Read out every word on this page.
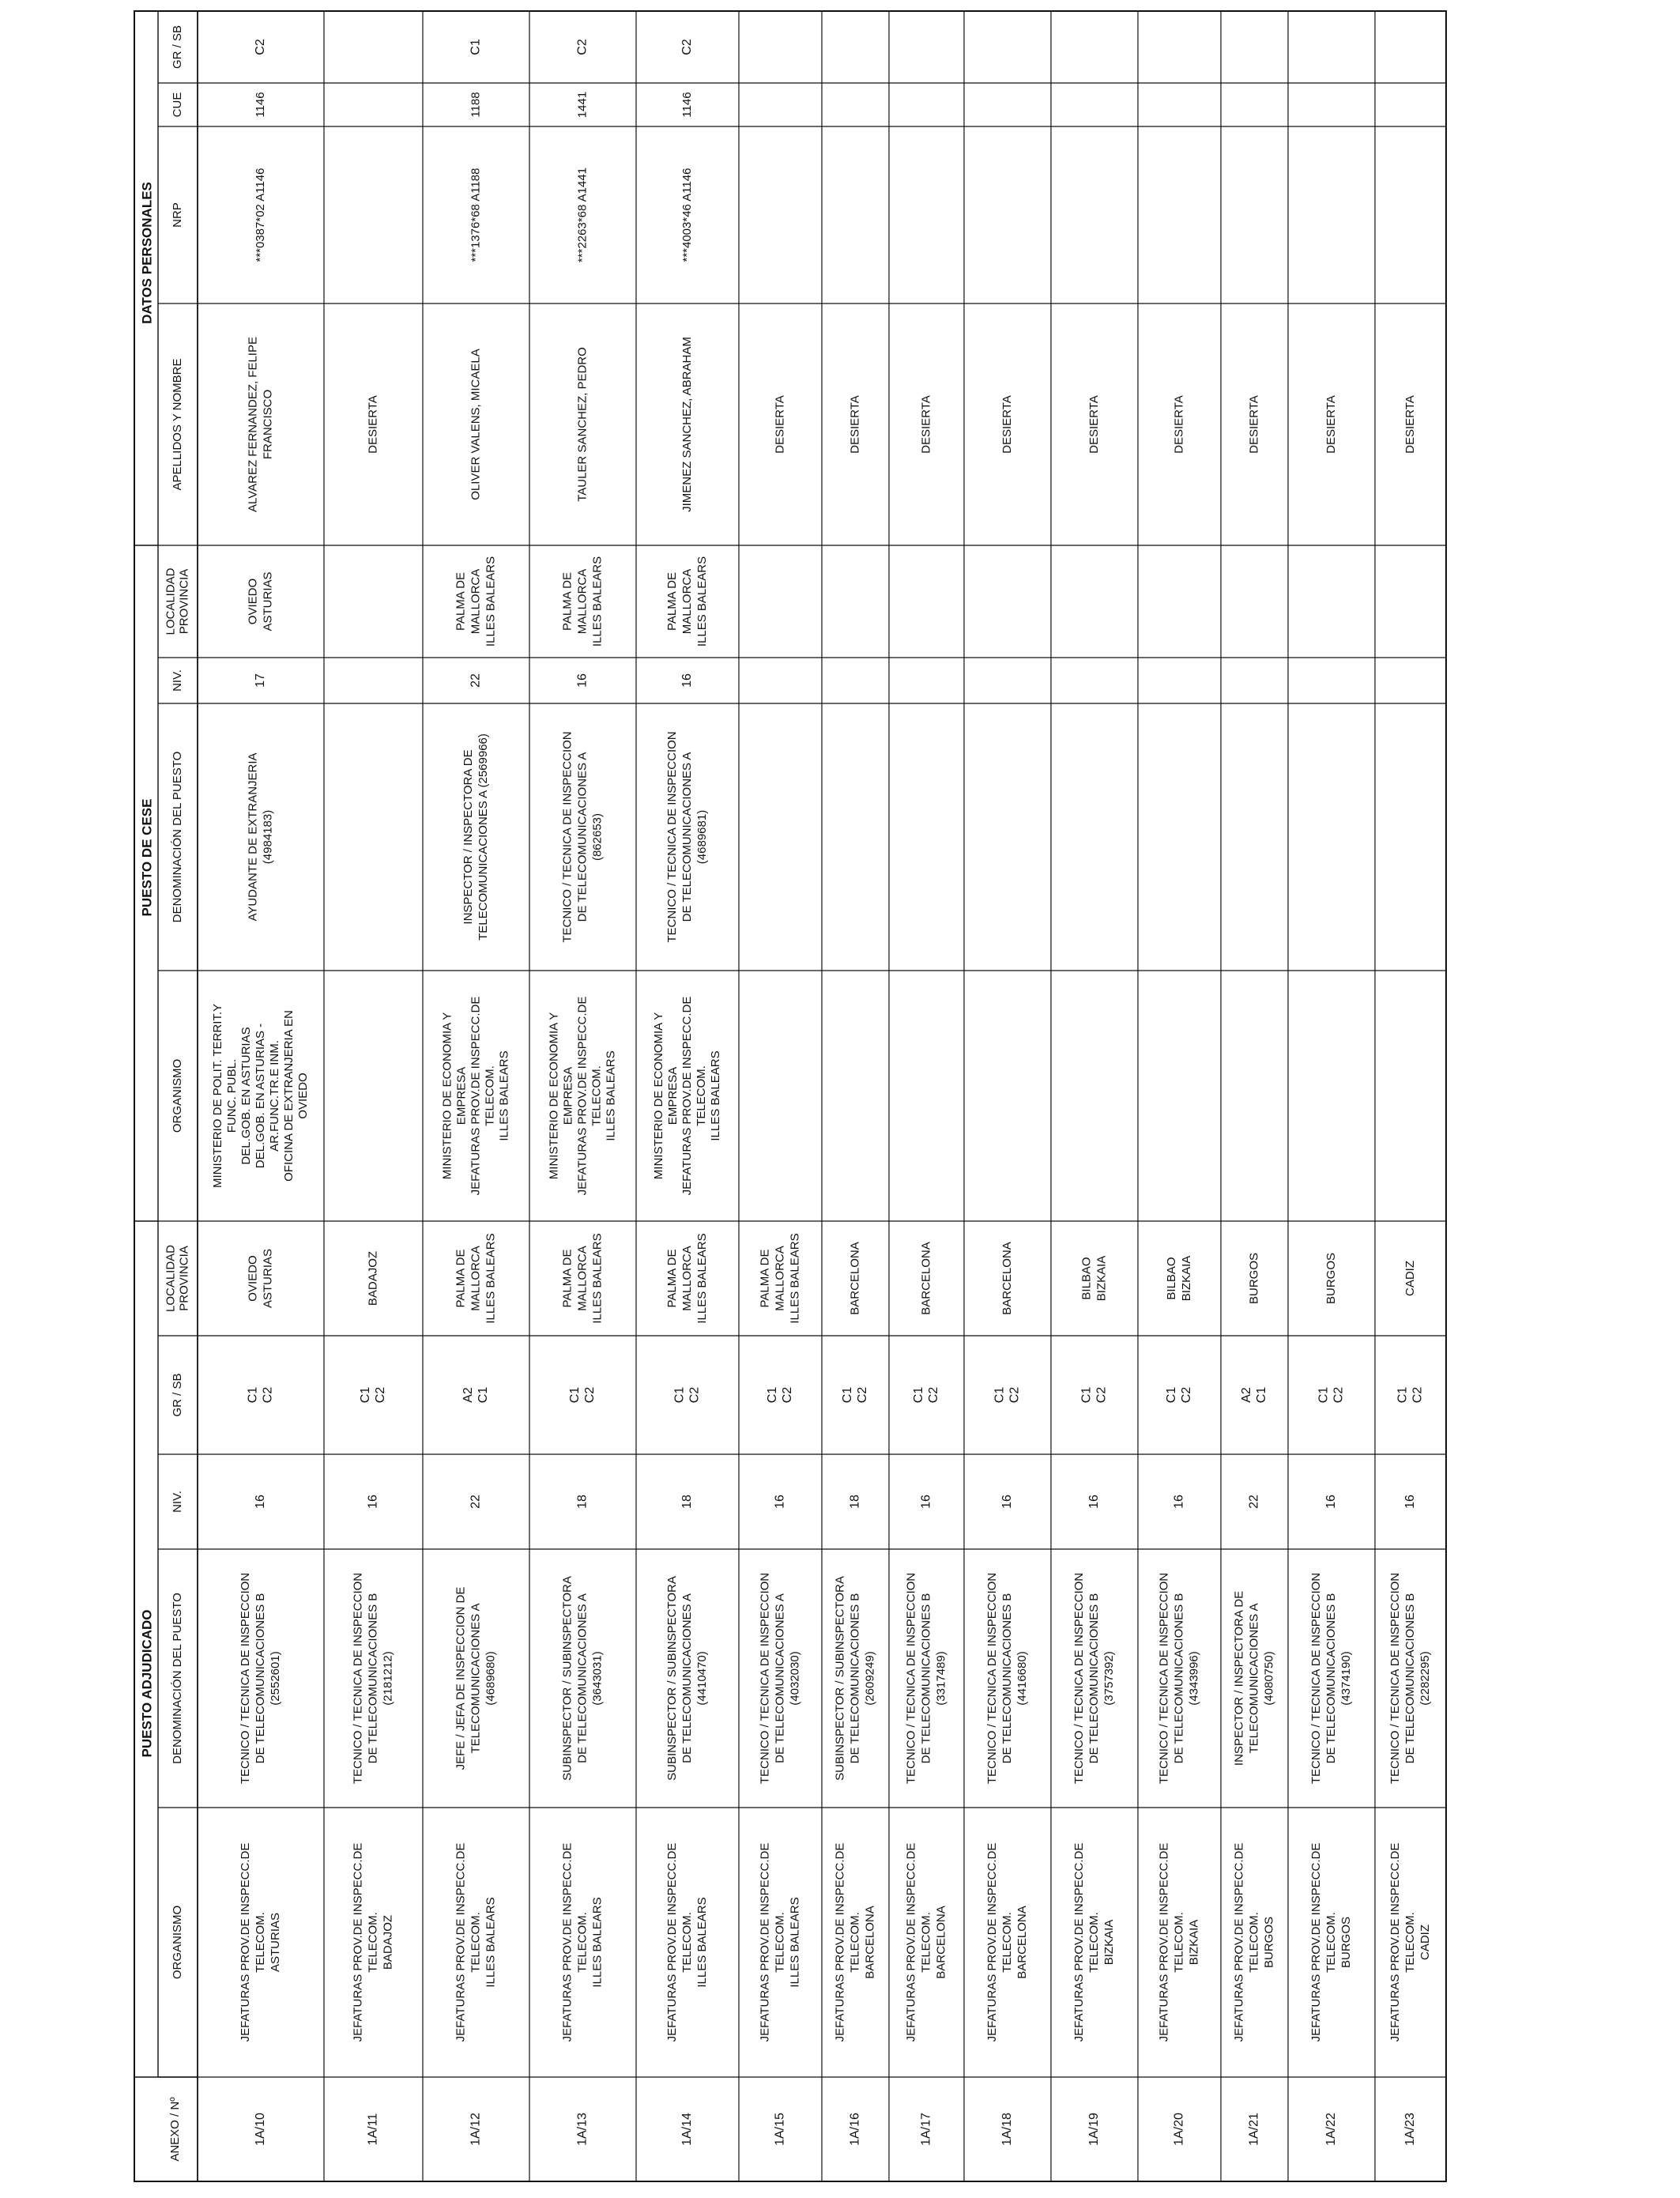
PUESTO ADJUDICADO
PUESTO DE CESE
DATOS PERSONALES
ANEXO / Nº
ORGANISMO
DENOMINACIÓN DEL PUESTO
NIV.
GR / SB
LOCALIDAD PROVINCIA
ORGANISMO
DENOMINACIÓN DEL PUESTO
NIV.
LOCALIDAD PROVINCIA
APELLIDOS Y NOMBRE
NRP
CUE
GR / SB
1A/10
JEFATURAS PROV.DE INSPECC.DE TELECOM. ASTURIAS
TECNICO / TECNICA DE INSPECCION DE TELECOMUNICACIONES B (2552601)
16
C1 C2
OVIEDO ASTURIAS
MINISTERIO DE POLIT. TERRIT.Y FUNC. PUBL. DEL.GOB. EN ASTURIAS DEL.GOB. EN ASTURIAS - AR.FUNC.TR.E INM. OFICINA DE EXTRANJERIA EN OVIEDO
AYUDANTE DE EXTRANJERIA (4984183)
17
OVIEDO ASTURIAS
ALVAREZ FERNANDEZ, FELIPE FRANCISCO
***0387*02 A1146
1146
C2
1A/11
JEFATURAS PROV.DE INSPECC.DE TELECOM. BADAJOZ
TECNICO / TECNICA DE INSPECCION DE TELECOMUNICACIONES B (2181212)
16
C1 C2
BADAJOZ
DESIERTA
1A/12
JEFATURAS PROV.DE INSPECC.DE TELECOM. ILLES BALEARS
JEFE / JEFA DE INSPECCION DE TELECOMUNICACIONES A (4689680)
22
A2 C1
PALMA DE MALLORCA ILLES BALEARS
MINISTERIO DE ECONOMIA Y EMPRESA JEFATURAS PROV.DE INSPECC.DE TELECOM. ILLES BALEARS
INSPECTOR / INSPECTORA DE TELECOMUNICACIONES A (2569966)
22
PALMA DE MALLORCA ILLES BALEARS
OLIVER VALENS, MICAELA
***1376*68 A1188
1188
C1
1A/13
JEFATURAS PROV.DE INSPECC.DE TELECOM. ILLES BALEARS
SUBINSPECTOR / SUBINSPECTORA DE TELECOMUNICACIONES A (3643031)
18
C1 C2
PALMA DE MALLORCA ILLES BALEARS
MINISTERIO DE ECONOMIA Y EMPRESA JEFATURAS PROV.DE INSPECC.DE TELECOM. ILLES BALEARS
TECNICO / TECNICA DE INSPECCION DE TELECOMUNICACIONES A (862653)
16
PALMA DE MALLORCA ILLES BALEARS
TAULER SANCHEZ, PEDRO
***2263*68 A1441
1441
C2
1A/14
JEFATURAS PROV.DE INSPECC.DE TELECOM. ILLES BALEARS
SUBINSPECTOR / SUBINSPECTORA DE TELECOMUNICACIONES A (4410470)
18
C1 C2
PALMA DE MALLORCA ILLES BALEARS
MINISTERIO DE ECONOMIA Y EMPRESA JEFATURAS PROV.DE INSPECC.DE TELECOM. ILLES BALEARS
TECNICO / TECNICA DE INSPECCION DE TELECOMUNICACIONES A (4689681)
16
PALMA DE MALLORCA ILLES BALEARS
JIMENEZ SANCHEZ, ABRAHAM
***4003*46 A1146
1146
C2
1A/15
JEFATURAS PROV.DE INSPECC.DE TELECOM. ILLES BALEARS
TECNICO / TECNICA DE INSPECCION DE TELECOMUNICACIONES A (4032030)
16
C1 C2
PALMA DE MALLORCA ILLES BALEARS
DESIERTA
1A/16
JEFATURAS PROV.DE INSPECC.DE TELECOM. BARCELONA
SUBINSPECTOR / SUBINSPECTORA DE TELECOMUNICACIONES B (2609249)
18
C1 C2
BARCELONA
DESIERTA
1A/17
JEFATURAS PROV.DE INSPECC.DE TELECOM. BARCELONA
TECNICO / TECNICA DE INSPECCION DE TELECOMUNICACIONES B (3317489)
16
C1 C2
BARCELONA
DESIERTA
1A/18
JEFATURAS PROV.DE INSPECC.DE TELECOM. BARCELONA
TECNICO / TECNICA DE INSPECCION DE TELECOMUNICACIONES B (4416680)
16
C1 C2
BARCELONA
DESIERTA
1A/19
JEFATURAS PROV.DE INSPECC.DE TELECOM. BIZKAIA
TECNICO / TECNICA DE INSPECCION DE TELECOMUNICACIONES B (3757392)
16
C1 C2
BILBAO BIZKAIA
DESIERTA
1A/20
JEFATURAS PROV.DE INSPECC.DE TELECOM. BIZKAIA
TECNICO / TECNICA DE INSPECCION DE TELECOMUNICACIONES B (4343996)
16
C1 C2
BILBAO BIZKAIA
DESIERTA
1A/21
JEFATURAS PROV.DE INSPECC.DE TELECOM. BURGOS
INSPECTOR / INSPECTORA DE TELECOMUNICACIONES A (4080750)
22
A2 C1
BURGOS
DESIERTA
1A/22
JEFATURAS PROV.DE INSPECC.DE TELECOM. BURGOS
TECNICO / TECNICA DE INSPECCION DE TELECOMUNICACIONES B (4374190)
16
C1 C2
BURGOS
DESIERTA
1A/23
JEFATURAS PROV.DE INSPECC.DE TELECOM. CADIZ
TECNICO / TECNICA DE INSPECCION DE TELECOMUNICACIONES B (2282295)
16
C1 C2
CADIZ
DESIERTA
